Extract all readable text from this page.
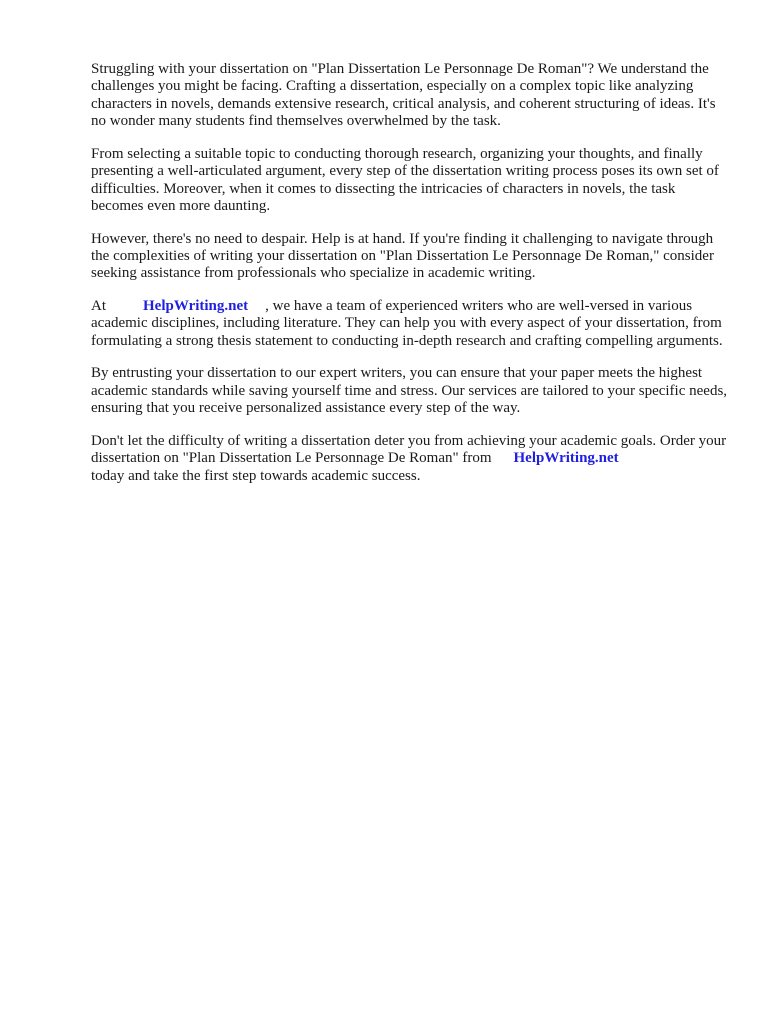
Struggling with your dissertation on "Plan Dissertation Le Personnage De Roman"? We understand the challenges you might be facing. Crafting a dissertation, especially on a complex topic like analyzing characters in novels, demands extensive research, critical analysis, and coherent structuring of ideas. It's no wonder many students find themselves overwhelmed by the task.

From selecting a suitable topic to conducting thorough research, organizing your thoughts, and finally presenting a well-articulated argument, every step of the dissertation writing process poses its own set of difficulties. Moreover, when it comes to dissecting the intricacies of characters in novels, the task becomes even more daunting.

However, there's no need to despair. Help is at hand. If you're finding it challenging to navigate through the complexities of writing your dissertation on "Plan Dissertation Le Personnage De Roman," consider seeking assistance from professionals who specialize in academic writing.

At HelpWriting.net , we have a team of experienced writers who are well-versed in various academic disciplines, including literature. They can help you with every aspect of your dissertation, from formulating a strong thesis statement to conducting in-depth research and crafting compelling arguments.

By entrusting your dissertation to our expert writers, you can ensure that your paper meets the highest academic standards while saving yourself time and stress. Our services are tailored to your specific needs, ensuring that you receive personalized assistance every step of the way.

Don't let the difficulty of writing a dissertation deter you from achieving your academic goals. Order your dissertation on "Plan Dissertation Le Personnage De Roman" from HelpWriting.net
today and take the first step towards academic success.
